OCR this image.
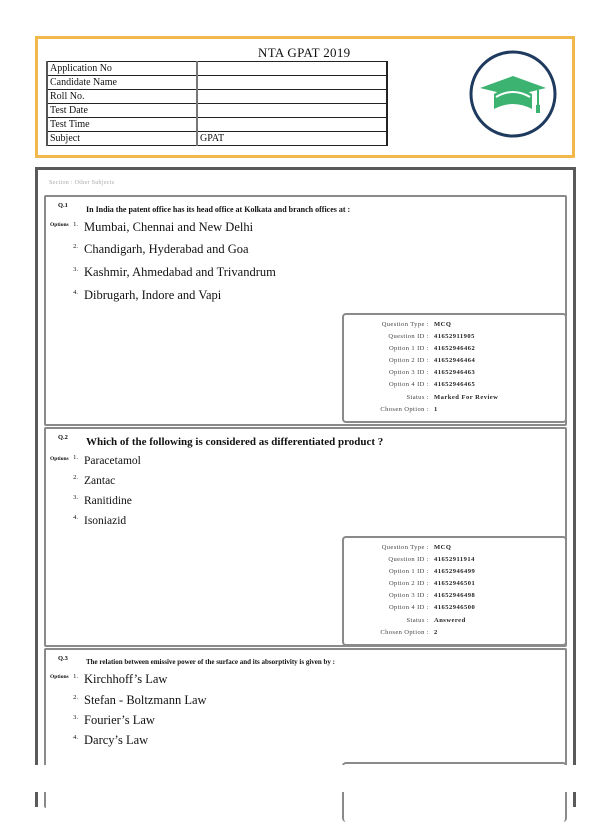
NTA GPAT 2019
Application No	
Candidate Name	
Roll No.	
Test Date	
Test Time	
Subject	GPAT
Section : Other Subjects
Q.1 In India the patent office has its head office at Kolkata and branch offices at :
Options 1. Mumbai, Chennai and New Delhi
2. Chandigarh, Hyderabad and Goa
3. Kashmir, Ahmedabad and Trivandrum
4. Dibrugarh, Indore and Vapi
Question Type : MCQ
Question ID : 41652911905
Option 1 ID : 41652946462
Option 2 ID : 41652946464
Option 3 ID : 41652946463
Option 4 ID : 41652946465
Status : Marked For Review
Chosen Option : 1
Q.2 Which of the following is considered as differentiated product ?
Options 1. Paracetamol
2. Zantac
3. Ranitidine
4. Isoniazid
Question Type : MCQ
Question ID : 41652911914
Option 1 ID : 41652946499
Option 2 ID : 41652946501
Option 3 ID : 41652946498
Option 4 ID : 41652946500
Status : Answered
Chosen Option : 2
Q.3	The relation between emissive power of the surface and its absorptivity is given by :
Options 1. Kirchhoff’s Law
2. Stefan - Boltzmann Law
3. Fourier’s Law
4. Darcy’s Law
